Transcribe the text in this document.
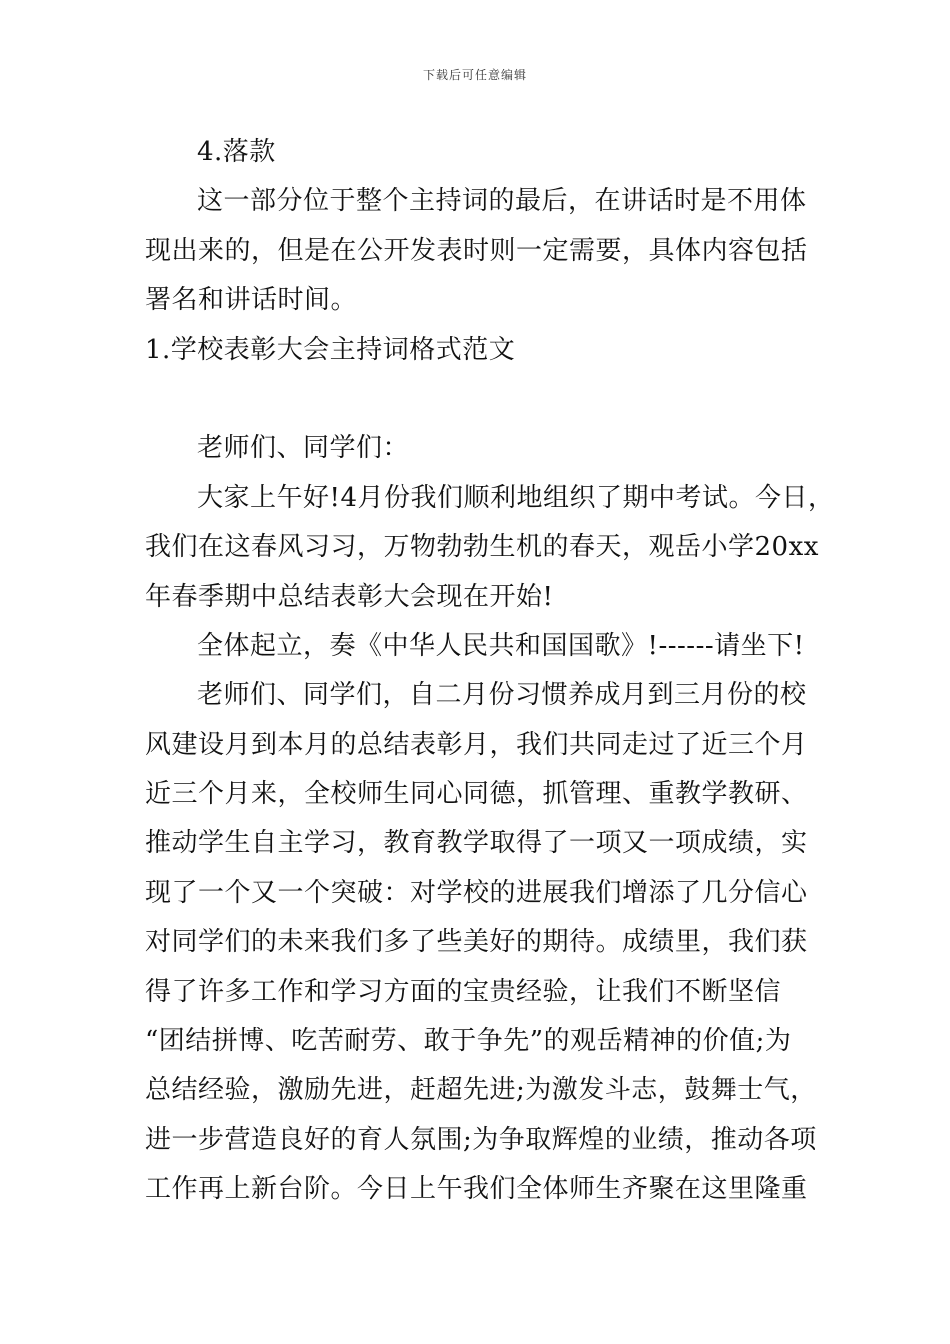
下载后可任意编辑
4.落款
这一部分位于整个主持词的最后，在讲话时是不用体
现出来的，但是在公开发表时则一定需要，具体内容包括
署名和讲话时间。
1.学校表彰大会主持词格式范文
老师们、同学们：
大家上午好!4月份我们顺利地组织了期中考试。今日，
我们在这春风习习，万物勃勃生机的春天，观岳小学20xx
年春季期中总结表彰大会现在开始!
全体起立，奏《中华人民共和国国歌》!------请坐下!
老师们、同学们，自二月份习惯养成月到三月份的校
风建设月到本月的总结表彰月，我们共同走过了近三个月
近三个月来，全校师生同心同德，抓管理、重教学教研、
推动学生自主学习，教育教学取得了一项又一项成绩，实
现了一个又一个突破：对学校的进展我们增添了几分信心
对同学们的未来我们多了些美好的期待。成绩里，我们获
得了许多工作和学习方面的宝贵经验，让我们不断坚信
“团结拼博、吃苦耐劳、敢于争先”的观岳精神的价值;为
总结经验，激励先进，赶超先进;为激发斗志，鼓舞士气，
进一步营造良好的育人氛围;为争取辉煌的业绩，推动各项
工作再上新台阶。今日上午我们全体师生齐聚在这里隆重
